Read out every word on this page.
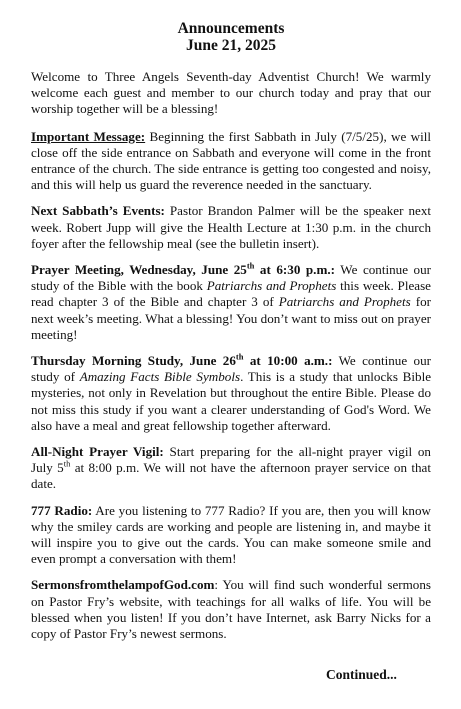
Announcements
June 21, 2025

Welcome to Three Angels Seventh-day Adventist Church! We warmly welcome each guest and member to our church today and pray that our worship together will be a blessing!

Important Message: Beginning the first Sabbath in July (7/5/25), we will close off the side entrance on Sabbath and everyone will come in the front entrance of the church. The side entrance is getting too congested and noisy, and this will help us guard the reverence needed in the sanctuary.

Next Sabbath’s Events: Pastor Brandon Palmer will be the speaker next week. Robert Jupp will give the Health Lecture at 1:30 p.m. in the church foyer after the fellowship meal (see the bulletin insert).

Prayer Meeting, Wednesday, June 25th at 6:30 p.m.: We continue our study of the Bible with the book Patriarchs and Prophets this week. Please read chapter 3 of the Bible and chapter 3 of Patriarchs and Prophets for next week’s meeting. What a blessing! You don’t want to miss out on prayer meeting!

Thursday Morning Study, June 26th at 10:00 a.m.: We continue our study of Amazing Facts Bible Symbols. This is a study that unlocks Bible mysteries, not only in Revelation but throughout the entire Bible. Please do not miss this study if you want a clearer understanding of God's Word. We also have a meal and great fellowship together afterward.

All-Night Prayer Vigil: Start preparing for the all-night prayer vigil on July 5th at 8:00 p.m. We will not have the afternoon prayer service on that date.

777 Radio: Are you listening to 777 Radio? If you are, then you will know why the smiley cards are working and people are listening in, and maybe it will inspire you to give out the cards. You can make someone smile and even prompt a conversation with them!

SermonsfromthelampofGod.com: You will find such wonderful sermons on Pastor Fry’s website, with teachings for all walks of life. You will be blessed when you listen! If you don’t have Internet, ask Barry Nicks for a copy of Pastor Fry’s newest sermons.

Continued...
